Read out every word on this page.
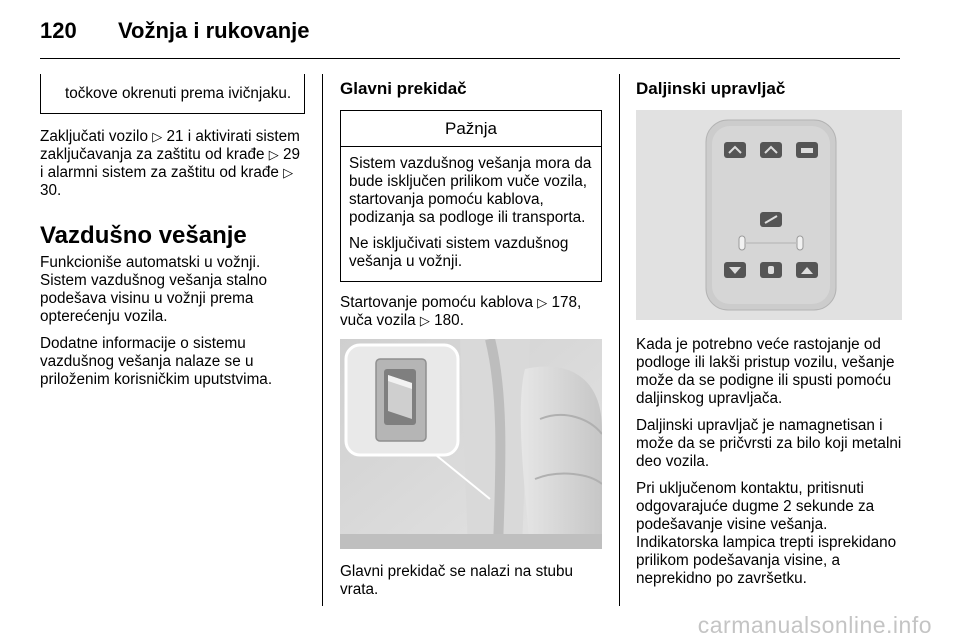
120 Vožnja i rukovanje
točkove okrenuti prema ivičnjaku.

Zaključati vozilo ▷ 21 i aktivirati sistem zaključavanja za zaštitu od krađe ▷ 29 i alarmni sistem za zaštitu od krađe ▷ 30.

Vazdušno vešanje

Funkcioniše automatski u vožnji. Sistem vazdušnog vešanja stalno podešava visinu u vožnji prema opterećenju vozila.

Dodatne informacije o sistemu vazdušnog vešanja nalaze se u priloženim korisničkim uputstvima.

Glavni prekidač
Pažnja

Sistem vazdušnog vešanja mora da bude isključen prilikom vuče vozila, startovanja pomoću kablova, podizanja sa podloge ili transporta.

Ne isključivati sistem vazdušnog vešanja u vožnji.

Startovanje pomoću kablova ▷ 178, vuča vozila ▷ 180.

Glavni prekidač se nalazi na stubu vrata.

Daljinski upravljač

Kada je potrebno veće rastojanje od podloge ili lakši pristup vozilu, vešanje može da se podigne ili spusti pomoću daljinskog upravljača.

Daljinski upravljač je namagnetisan i može da se pričvrsti za bilo koji metalni deo vozila.

Pri uključenom kontaktu, pritisnuti odgovarajuće dugme 2 sekunde za podešavanje visine vešanja. Indikatorska lampica trepti isprekidano prilikom podešavanja visine, a neprekidno po završetku.

carmanualsonline.info
